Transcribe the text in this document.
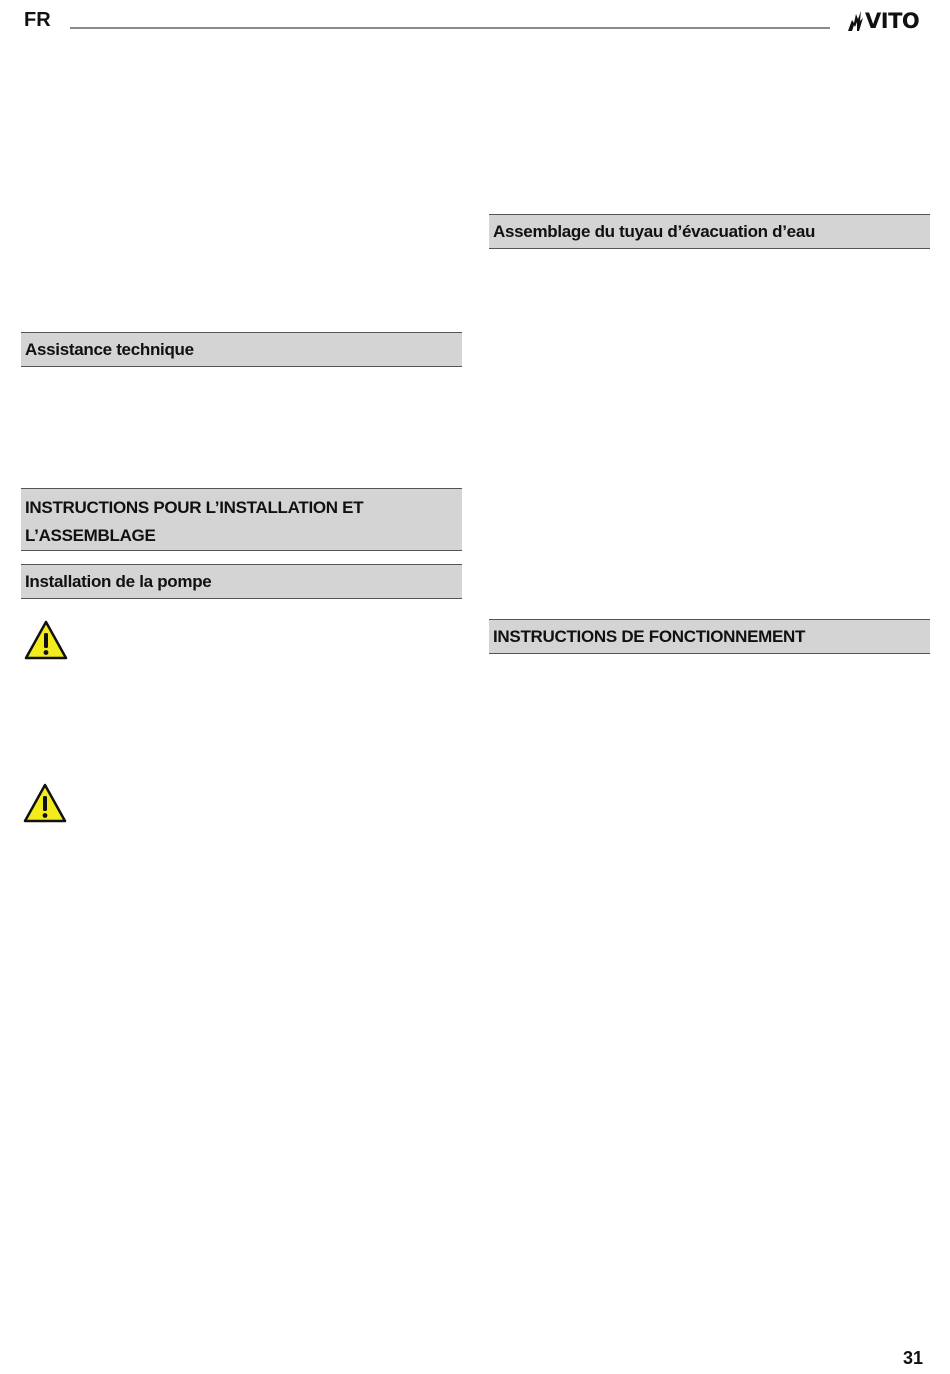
FR	VITO
Assistance technique
INSTRUCTIONS POUR L’INSTALLATION ET
L’ASSEMBLAGE
Installation de la pompe
Assemblage du tuyau d’évacuation d’eau
INSTRUCTIONS DE FONCTIONNEMENT
31
